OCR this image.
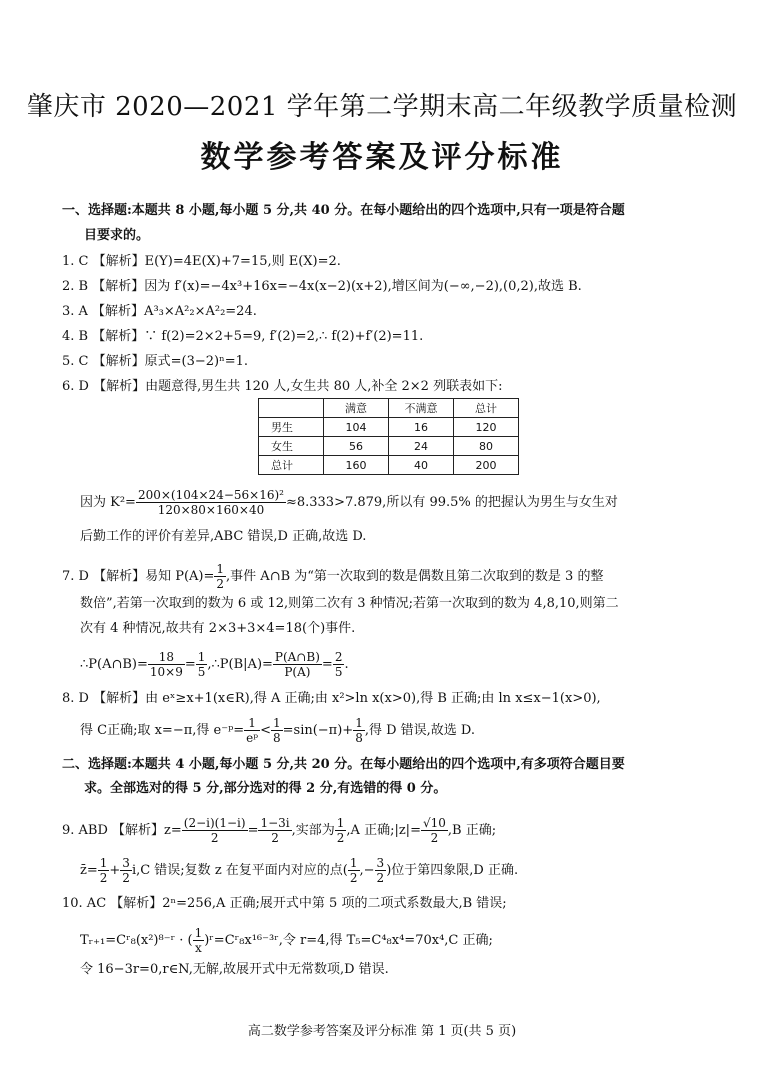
肇庆市 2020—2021 学年第二学期末高二年级教学质量检测
数学参考答案及评分标准
一、选择题:本题共 8 小题,每小题 5 分,共 40 分。在每小题给出的四个选项中,只有一项是符合题
目要求的。
1. C 【解析】E(Y)=4E(X)+7=15,则 E(X)=2.
2. B 【解析】因为 f′(x)=−4x³+16x=−4x(x−2)(x+2),增区间为(−∞,−2),(0,2),故选 B.
3. A 【解析】A³₃×A²₂×A²₂=24.
4. B 【解析】∵ f(2)=2×2+5=9, f′(2)=2,∴ f(2)+f′(2)=11.
5. C 【解析】原式=(3−2)ⁿ=1.
6. D 【解析】由题意得,男生共 120 人,女生共 80 人,补全 2×2 列联表如下:
	满意	不满意	总计
男生	104	16	120
女生	56	24	80
总计	160	40	200
因为 $K^2= \frac{\text{200×(104×24−56×16)²}}{120\times 80\times 160\times 40} \approx 8.333>7.879$,所以有 99.5% 的把握认为男生与女生对
后勤工作的评价有差异,ABC 错误,D 正确,故选 D.
7. D 【解析】易知 $P(A)= \frac{1}{2}$ ,事件 A∩B 为“第一次取到的数是偶数且第二次取到的数是 3 的整
数倍”,若第一次取到的数为 6 或 12,则第二次有 3 种情况;若第一次取到的数为 4,8,10,则第二
次有 4 种情况,故共有 2×3+3×4=18(个)事件.
∴P(A∩B)= $\frac{18}{10\times 9} = \frac{1}{5}$ ,∴P(B|A)= $\frac{P(A\cap B)}{P(A)} = \frac{2}{5}$ .
8. D 【解析】由 eˣ≥x+1(x∈R),得 A 正确;由 x²>ln x(x>0),得 B 正确;由 ln x≤x−1(x>0),
得 C正确;取 x=−π,得 e⁻ᵖ= $\frac{1}{\text{eᵖ}} < \frac{1}{8} =\sin(-\pi)+ \frac{1}{8}$ ,得 D 错误,故选 D.
二、选择题:本题共 4 小题,每小题 5 分,共 20 分。在每小题给出的四个选项中,有多项符合题目要
求。全部选对的得 5 分,部分选对的得 2 分,有选错的得 0 分。
9. ABD 【解析】$z= \frac{(2-i)(1-i)}{2} = \frac{1-3i}{2}$ ,实部为 $\frac{1}{2} ,A$ 正确;|z|= $\frac{√10}{2} ,B$ 正确;
z̄= $\frac{1}{2} + \frac{3}{2} i,C$ 错误;复数 z 在复平面内对应的点( $\frac{1}{2}$ ,− $\frac{3}{2}$ )位于第四象限,D 正确.
10. AC 【解析】2ⁿ=256,A 正确;展开式中第 5 项的二项式系数最大,B 错误;
Tᵣ₊₁=Cʳ₈(x²)⁸⁻ʳ · ( $\frac{1}{x}$ )ʳ=Cʳ₈x¹⁶⁻³ʳ,令 r=4,得 T₅=C⁴₈x⁴=70x⁴,C 正确;
令 16−3r=0,r∈N,无解,故展开式中无常数项,D 错误.
高二数学参考答案及评分标准 第 1 页(共 5 页)
